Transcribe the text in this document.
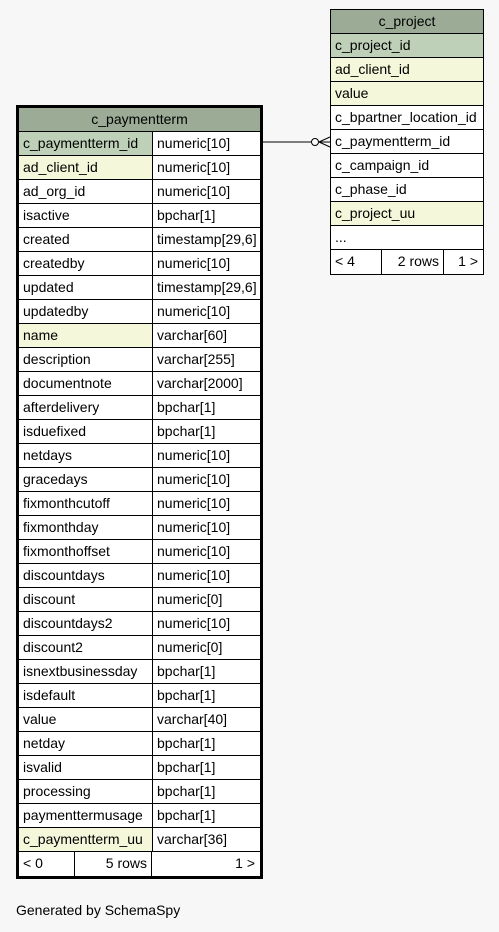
c_paymentterm
c_paymentterm_id	numeric[10]
ad_client_id	numeric[10]
ad_org_id	numeric[10]
isactive	bpchar[1]
created	timestamp[29,6]
createdby	numeric[10]
updated	timestamp[29,6]
updatedby	numeric[10]
name	varchar[60]
description	varchar[255]
documentnote	varchar[2000]
afterdelivery	bpchar[1]
isduefixed	bpchar[1]
netdays	numeric[10]
gracedays	numeric[10]
fixmonthcutoff	numeric[10]
fixmonthday	numeric[10]
fixmonthoffset	numeric[10]
discountdays	numeric[10]
discount	numeric[0]
discountdays2	numeric[10]
discount2	numeric[0]
isnextbusinessday	bpchar[1]
isdefault	bpchar[1]
value	varchar[40]
netday	bpchar[1]
isvalid	bpchar[1]
processing	bpchar[1]
paymenttermusage	bpchar[1]
c_paymentterm_uu	varchar[36]
< 0	5 rows	1 >
c_project
c_project_id
ad_client_id
value
c_bpartner_location_id
c_paymentterm_id
c_campaign_id
c_phase_id
c_project_uu
...
< 4	2 rows	1 >
Generated by SchemaSpy
